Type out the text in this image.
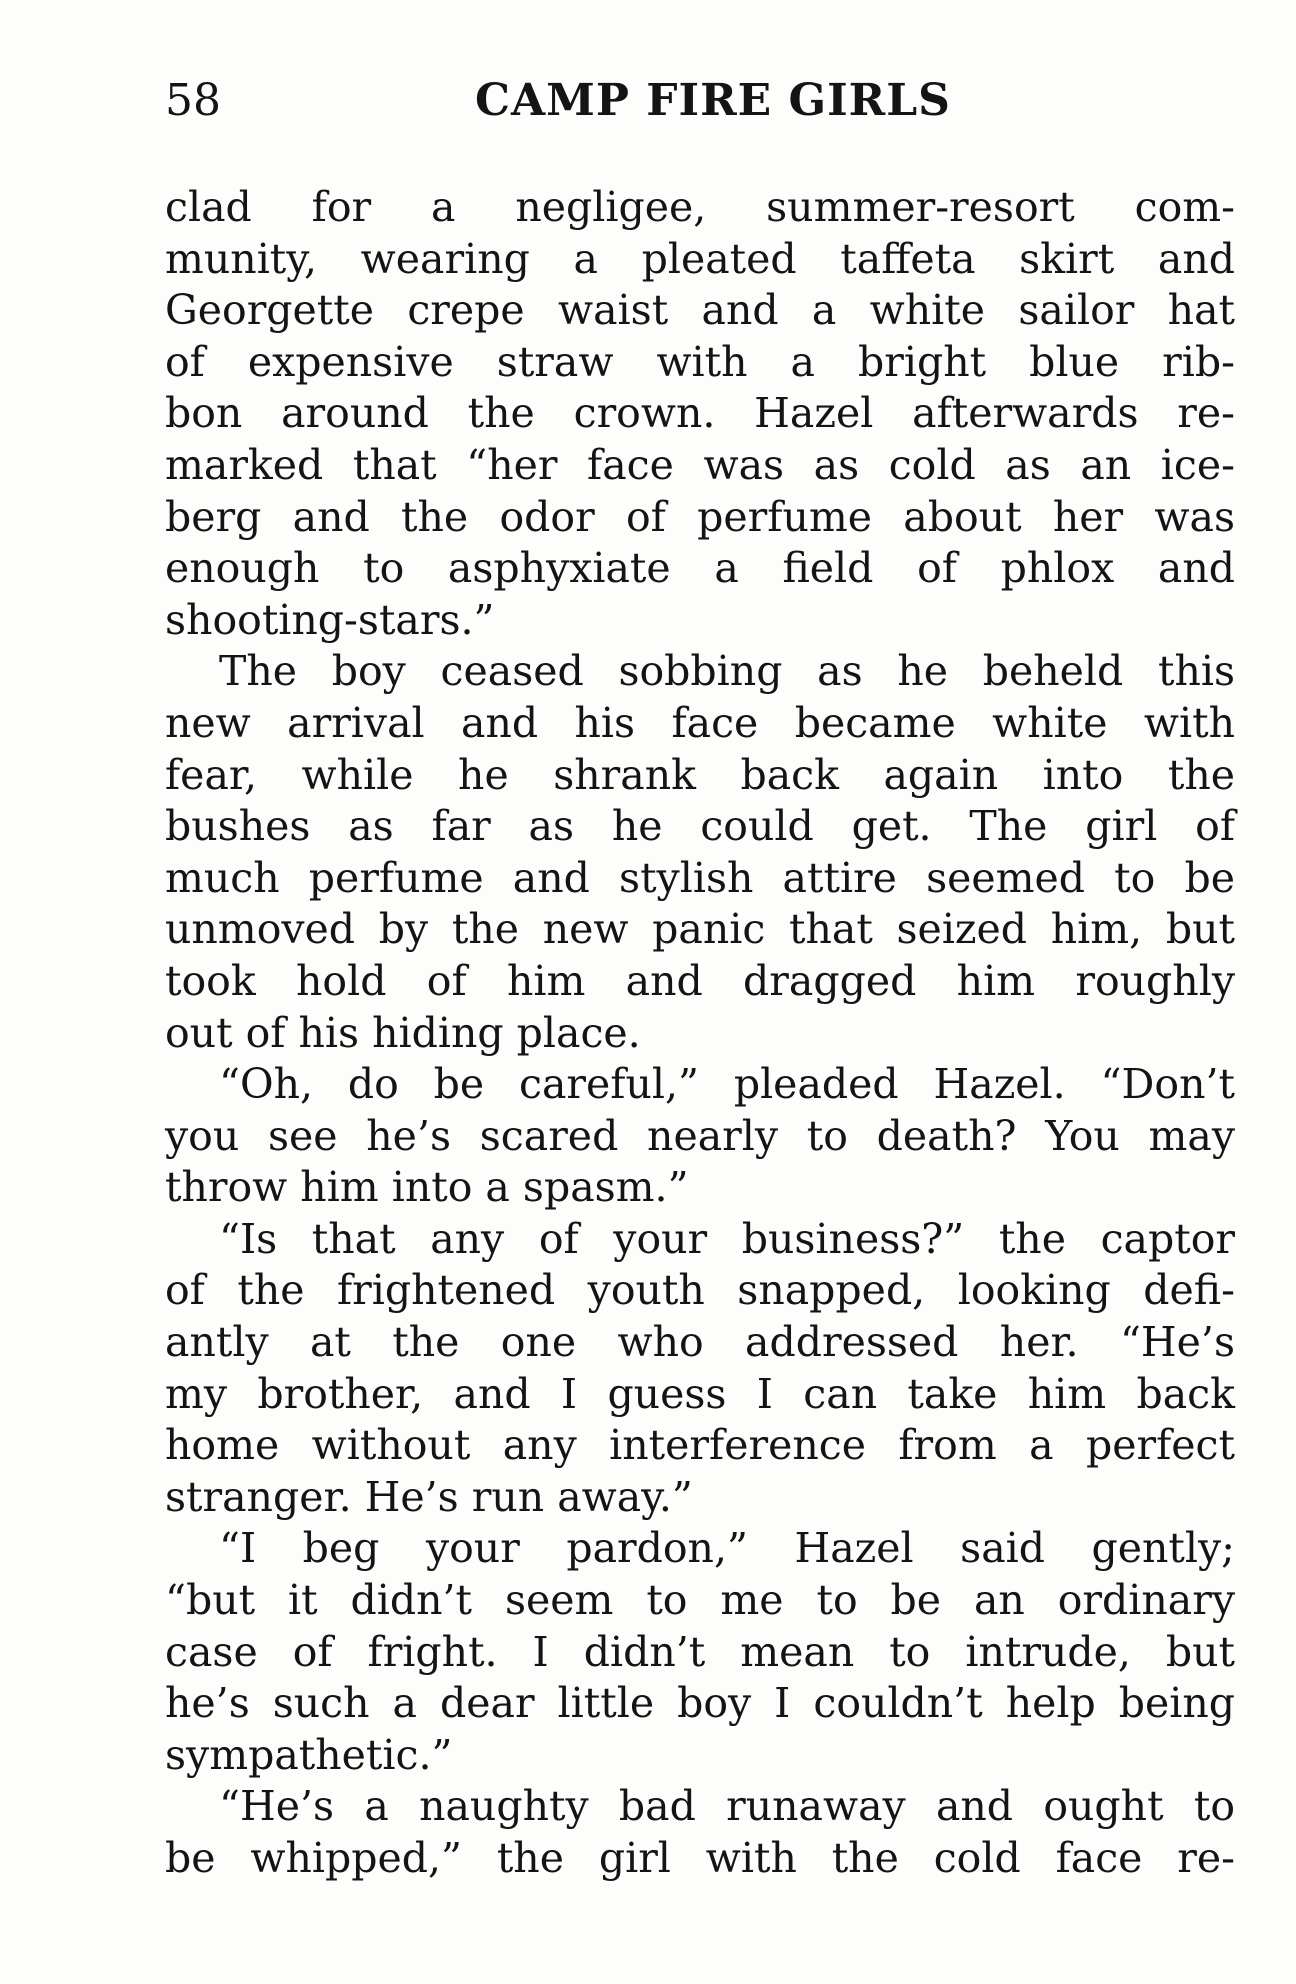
58	CAMP FIRE GIRLS
clad for a negligee, summer-resort com-
munity, wearing a pleated taffeta skirt and
Georgette crepe waist and a white sailor hat
of expensive straw with a bright blue rib-
bon around the crown. Hazel afterwards re-
marked that “her face was as cold as an ice-
berg and the odor of perfume about her was
enough to asphyxiate a field of phlox and
shooting-stars.”
The boy ceased sobbing as he beheld this
new arrival and his face became white with
fear, while he shrank back again into the
bushes as far as he could get. The girl of
much perfume and stylish attire seemed to be
unmoved by the new panic that seized him, but
took hold of him and dragged him roughly
out of his hiding place.
“Oh, do be careful,” pleaded Hazel. “Don’t
you see he’s scared nearly to death? You may
throw him into a spasm.”
“Is that any of your business?” the captor
of the frightened youth snapped, looking defi-
antly at the one who addressed her. “He’s
my brother, and I guess I can take him back
home without any interference from a perfect
stranger. He’s run away.”
“I beg your pardon,” Hazel said gently;
“but it didn’t seem to me to be an ordinary
case of fright. I didn’t mean to intrude, but
he’s such a dear little boy I couldn’t help being
sympathetic.”
“He’s a naughty bad runaway and ought to
be whipped,” the girl with the cold face re-
